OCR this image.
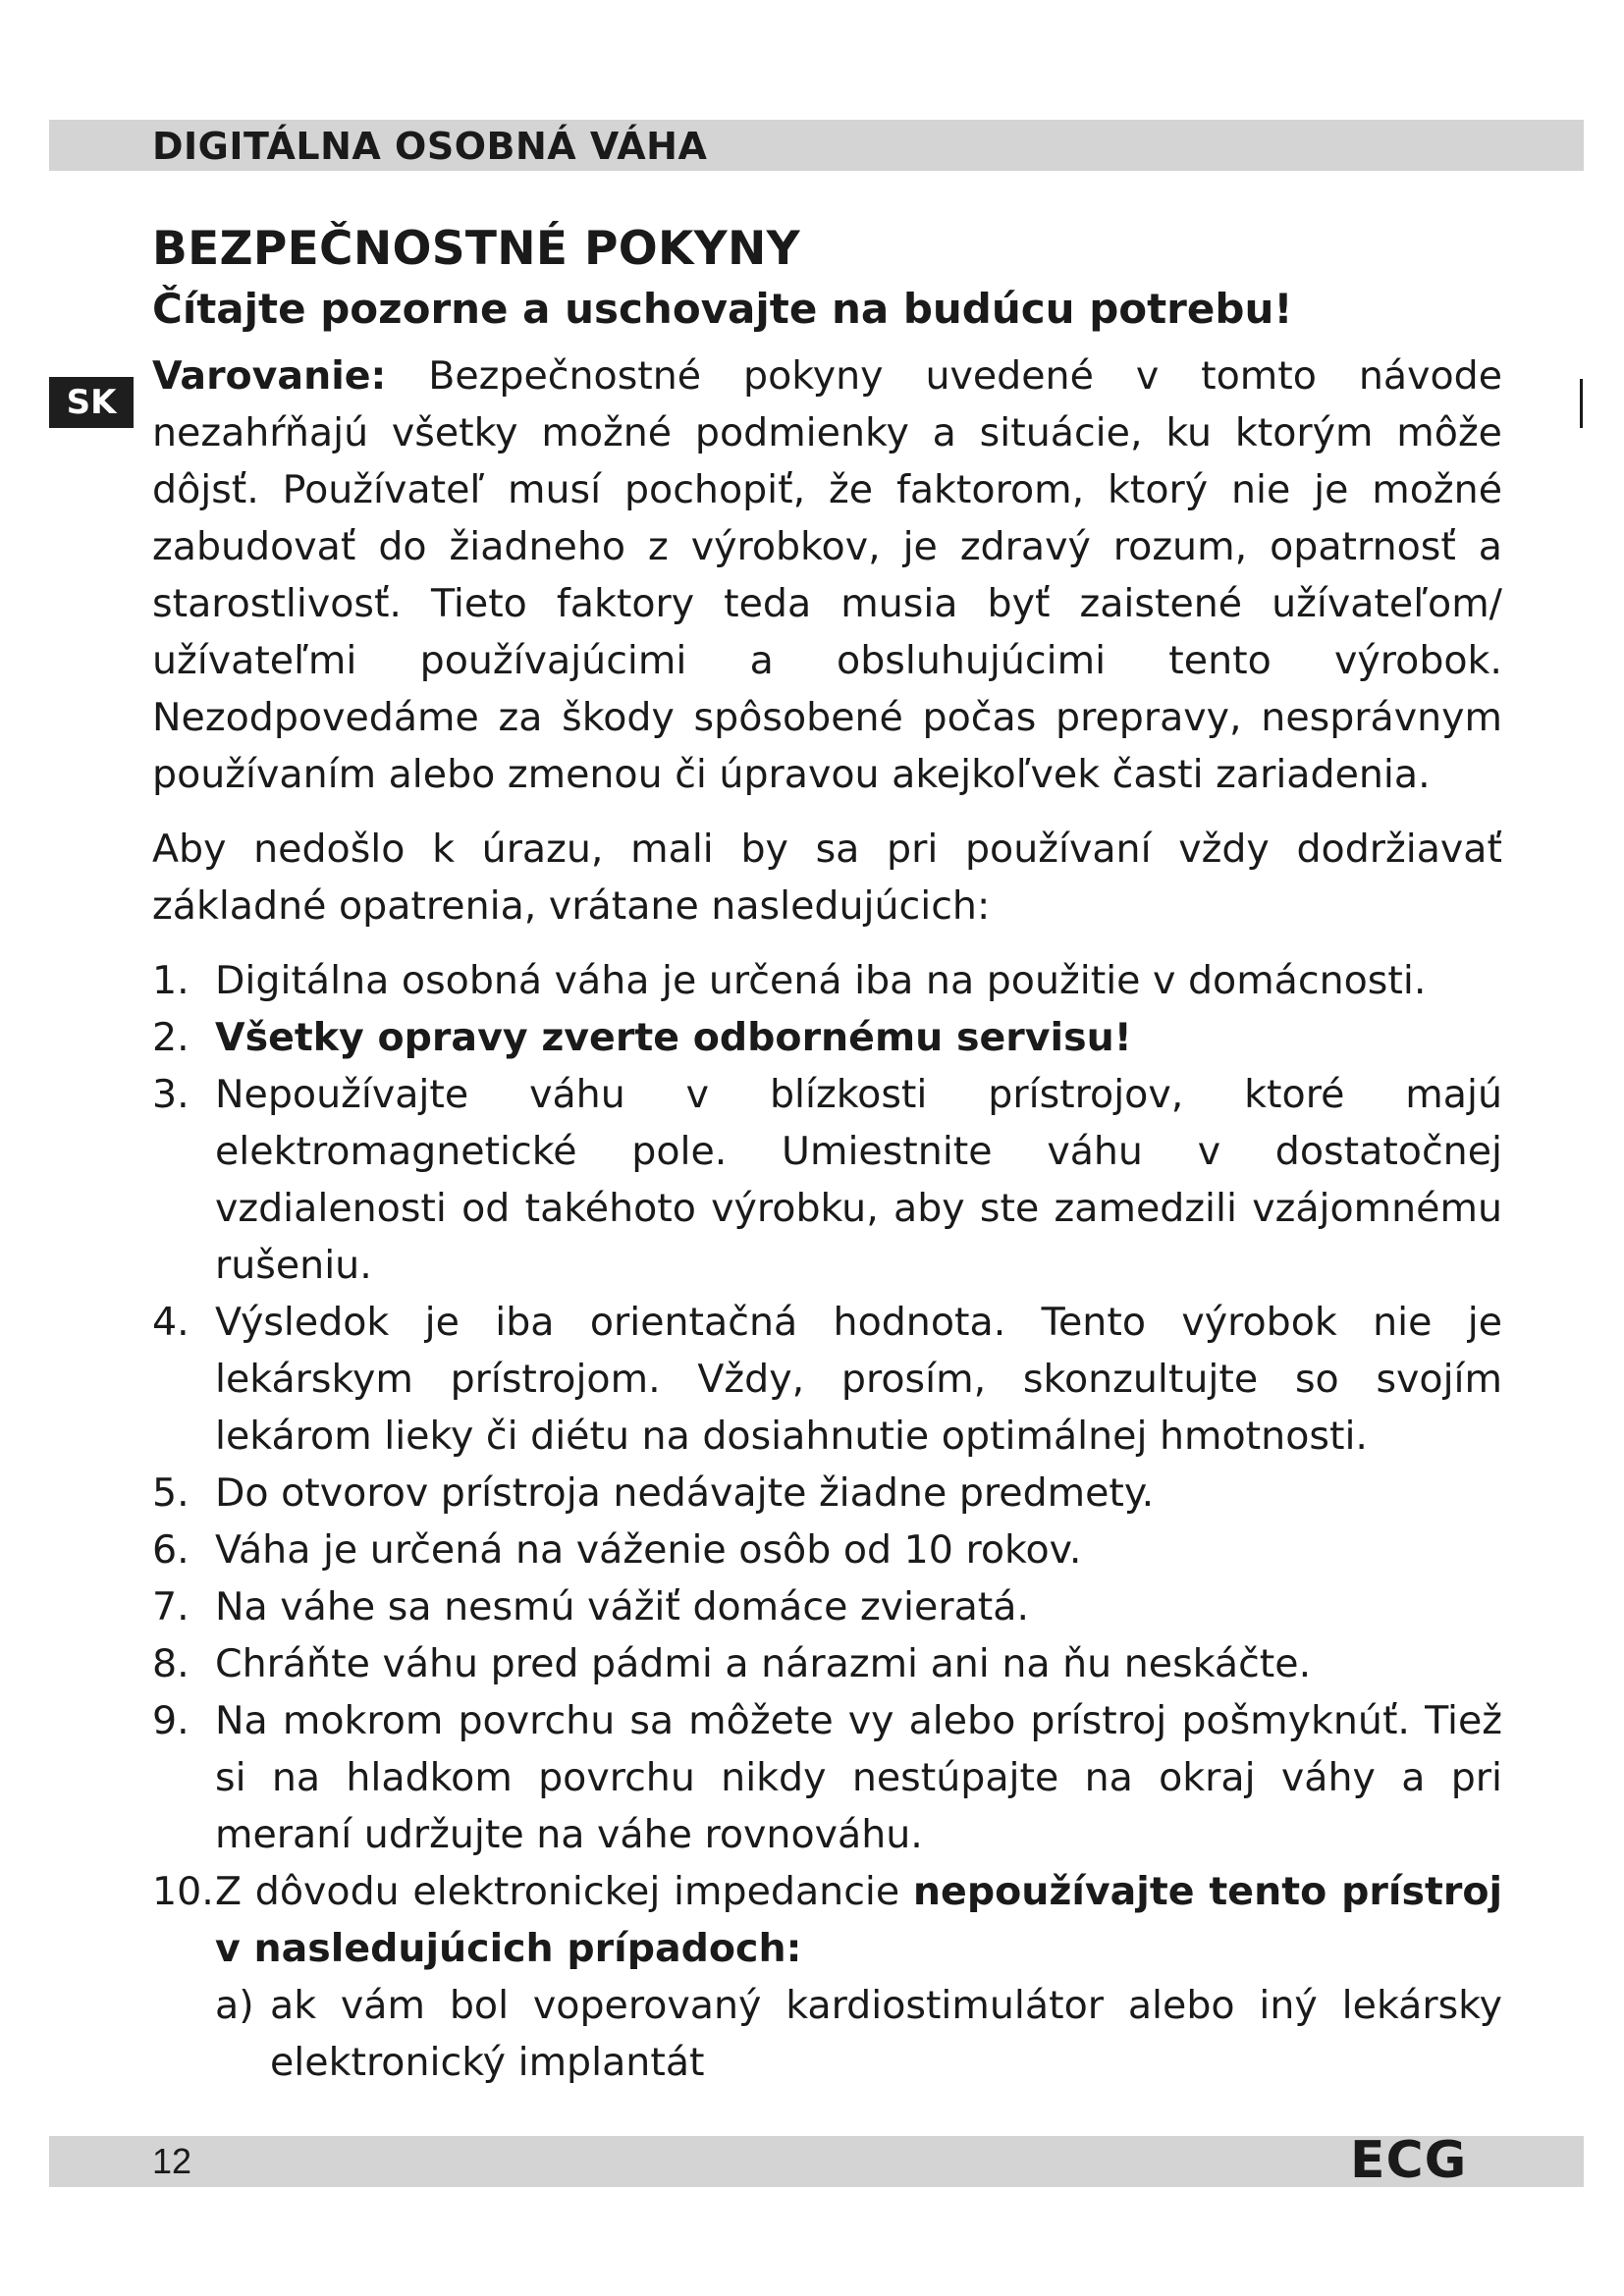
DIGITÁLNA OSOBNÁ VÁHA
SK
BEZPEČNOSTNÉ POKYNY
Čítajte pozorne a uschovajte na budúcu potrebu!

Varovanie: Bezpečnostné pokyny uvedené v tomto návode nezahŕňajú všetky možné podmienky a situácie, ku ktorým môže dôjsť. Používateľ musí pochopiť, že faktorom, ktorý nie je možné zabudovať do žiadneho z výrobkov, je zdravý rozum, opatrnosť a starostlivosť. Tieto faktory teda musia byť zaistené užívateľom/ užívateľmi používajúcimi a obsluhujúcimi tento výrobok. Nezodpovedáme za škody spôsobené počas prepravy, nesprávnym používaním alebo zmenou či úpravou akejkoľvek časti zariadenia.

Aby nedošlo k úrazu, mali by sa pri používaní vždy dodržiavať základné opatrenia, vrátane nasledujúcich:

1. Digitálna osobná váha je určená iba na použitie v domácnosti.
2. Všetky opravy zverte odbornému servisu!
3. Nepoužívajte váhu v blízkosti prístrojov, ktoré majú elektromagnetické pole. Umiestnite váhu v dostatočnej vzdialenosti od takéhoto výrobku, aby ste zamedzili vzájomnému rušeniu.
4. Výsledok je iba orientačná hodnota. Tento výrobok nie je lekárskym prístrojom. Vždy, prosím, skonzultujte so svojím lekárom lieky či diétu na dosiahnutie optimálnej hmotnosti.
5. Do otvorov prístroja nedávajte žiadne predmety.
6. Váha je určená na váženie osôb od 10 rokov.
7. Na váhe sa nesmú vážiť domáce zvieratá.
8. Chráňte váhu pred pádmi a nárazmi ani na ňu neskáčte.
9. Na mokrom povrchu sa môžete vy alebo prístroj pošmyknúť. Tiež si na hladkom povrchu nikdy nestúpajte na okraj váhy a pri meraní udržujte na váhe rovnováhu.
10. Z dôvodu elektronickej impedancie nepoužívajte tento prístroj v nasledujúcich prípadoch:
a) ak vám bol voperovaný kardiostimulátor alebo iný lekársky elektronický implantát
12	ECG
